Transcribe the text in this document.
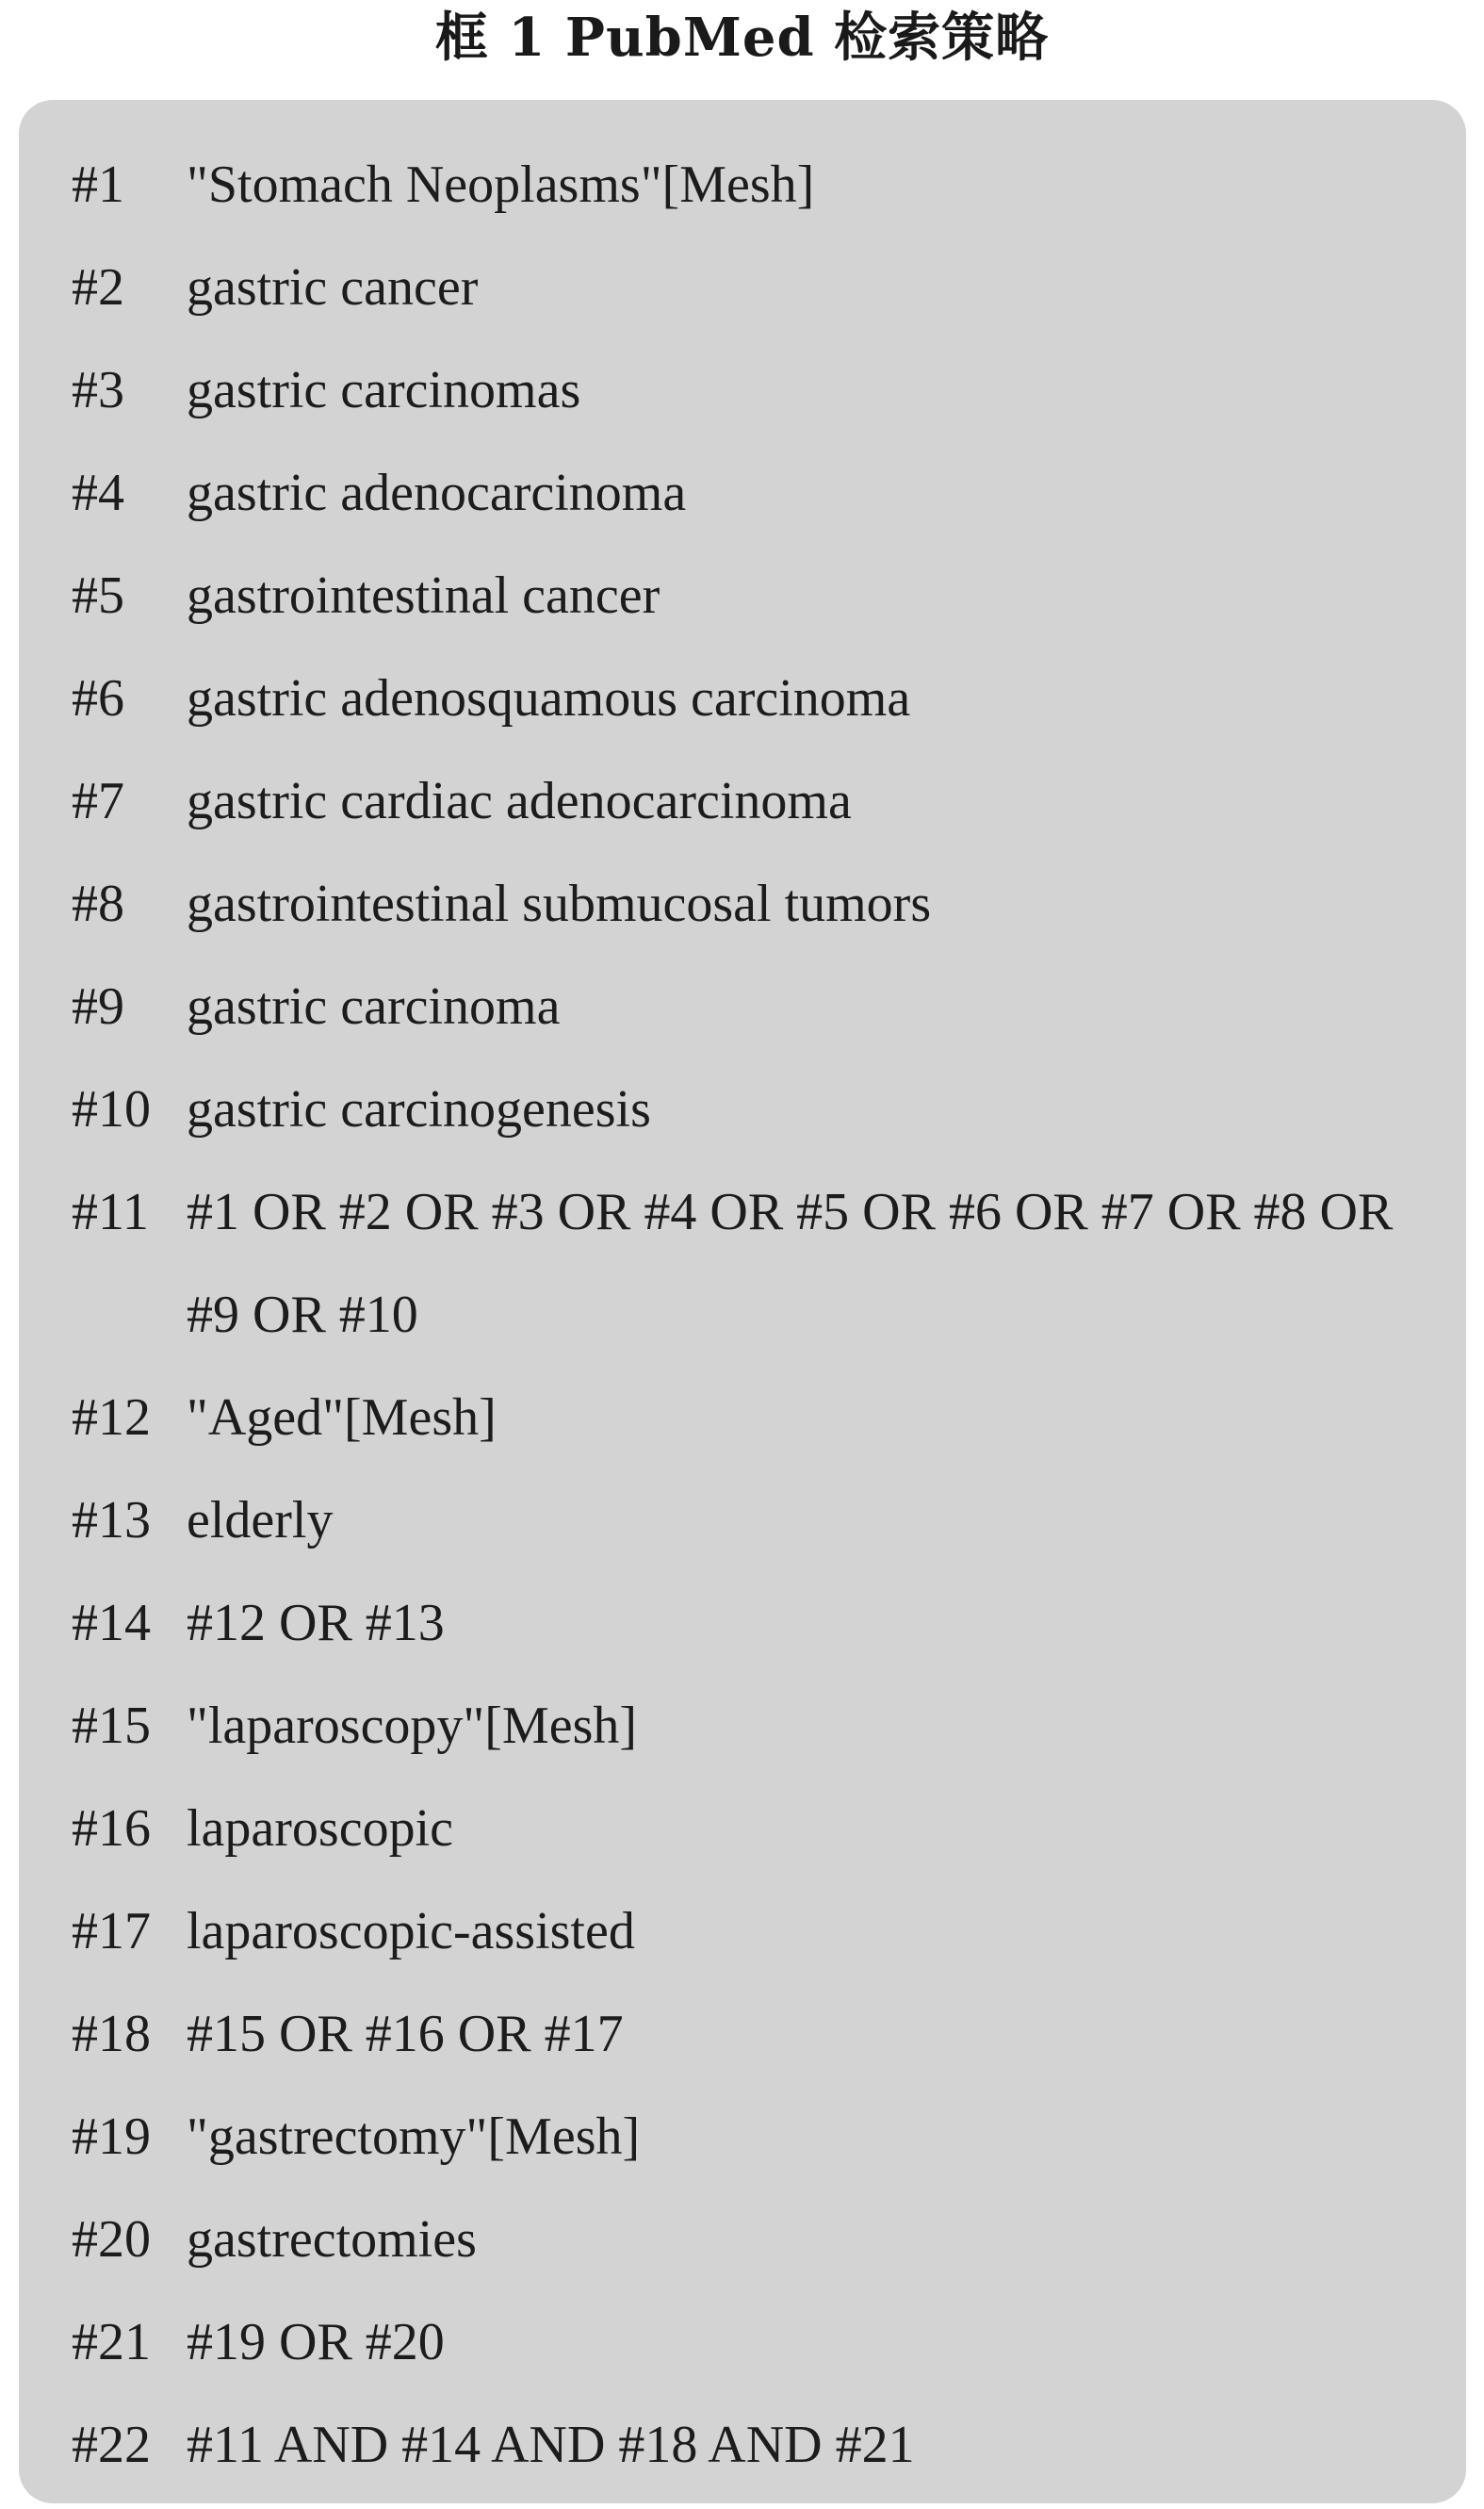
框 1 PubMed 检索策略
#1 "Stomach Neoplasms"[Mesh]
#2 gastric cancer
#3 gastric carcinomas
#4 gastric adenocarcinoma
#5 gastrointestinal cancer
#6 gastric adenosquamous carcinoma
#7 gastric cardiac adenocarcinoma
#8 gastrointestinal submucosal tumors
#9 gastric carcinoma
#10 gastric carcinogenesis
#11 #1 OR #2 OR #3 OR #4 OR #5 OR #6 OR #7 OR #8 OR #9 OR #10
#12 "Aged"[Mesh]
#13 elderly
#14 #12 OR #13
#15 "laparoscopy"[Mesh]
#16 laparoscopic
#17 laparoscopic-assisted
#18 #15 OR #16 OR #17
#19 "gastrectomy"[Mesh]
#20 gastrectomies
#21 #19 OR #20
#22 #11 AND #14 AND #18 AND #21
